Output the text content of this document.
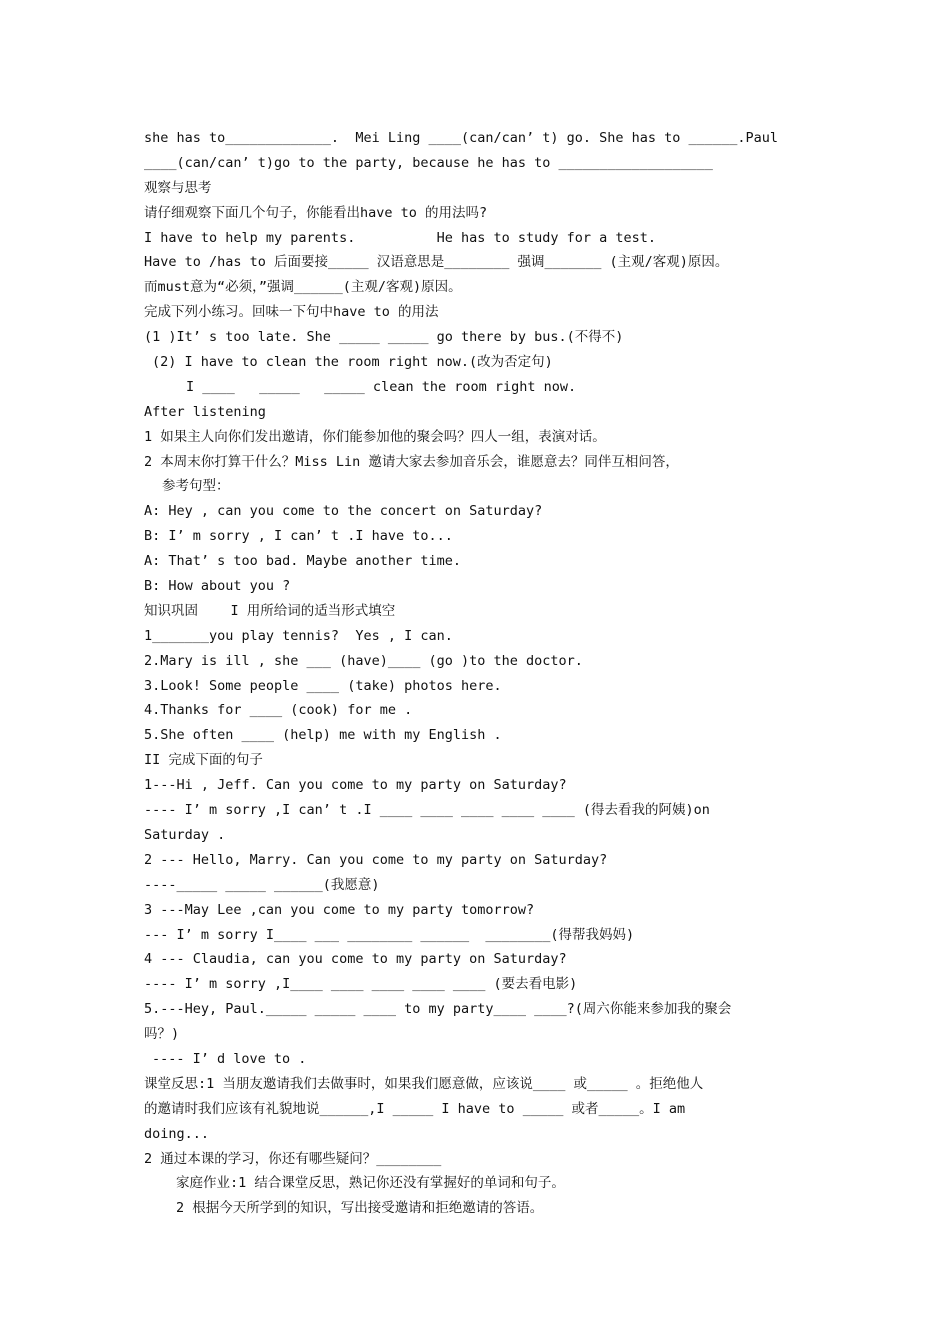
she has to_____________.  Mei Ling ____(can/can’ t) go. She has to ______.Paul
____(can/can’ t)go to the party, because he has to ___________________
观察与思考
请仔细观察下面几个句子，你能看出have to 的用法吗?
I have to help my parents.          He has to study for a test.
Have to /has to 后面要接_____ 汉语意思是________ 强调_______ (主观/客观)原因。
而must意为“必须，”强调______(主观/客观)原因。
完成下列小练习。回味一下句中have to 的用法
(1 )It’ s too late. She _____ _____ go there by bus.(不得不)
(2) I have to clean the room right now.(改为否定句)
I ____   _____   _____ clean the room right now.
After listening
1 如果主人向你们发出邀请，你们能参加他的聚会吗？四人一组，表演对话。
2 本周末你打算干什么？Miss Lin 邀请大家去参加音乐会，谁愿意去？同伴互相问答，
参考句型：
A: Hey , can you come to the concert on Saturday?
B: I’ m sorry , I can’ t .I have to...
A: That’ s too bad. Maybe another time.
B: How about you ?
知识巩固    I 用所给词的适当形式填空
1_______you play tennis?  Yes , I can.
2.Mary is ill , she ___ (have)____ (go )to the doctor.
3.Look! Some people ____ (take) photos here.
4.Thanks for ____ (cook) for me .
5.She often ____ (help) me with my English .
II 完成下面的句子
1---Hi , Jeff. Can you come to my party on Saturday?
---- I’ m sorry ,I can’ t .I ____ ____ ____ ____ ____ (得去看我的阿姨)on
Saturday .
2 --- Hello, Marry. Can you come to my party on Saturday?
----_____ _____ ______(我愿意)
3 ---May Lee ,can you come to my party tomorrow?
--- I’ m sorry I____ ___ ________ ______  ________(得帮我妈妈)
4 --- Claudia, can you come to my party on Saturday?
---- I’ m sorry ,I____ ____ ____ ____ ____ (要去看电影)
5.---Hey, Paul._____ _____ ____ to my party____ ____?(周六你能来参加我的聚会
吗？)
---- I’ d love to .
课堂反思:1 当朋友邀请我们去做事时，如果我们愿意做，应该说____ 或_____ 。拒绝他人
的邀请时我们应该有礼貌地说______,I _____ I have to _____ 或者_____。I am
doing...
2 通过本课的学习，你还有哪些疑问？________
家庭作业:1 结合课堂反思，熟记你还没有掌握好的单词和句子。
2 根据今天所学到的知识，写出接受邀请和拒绝邀请的答语。
